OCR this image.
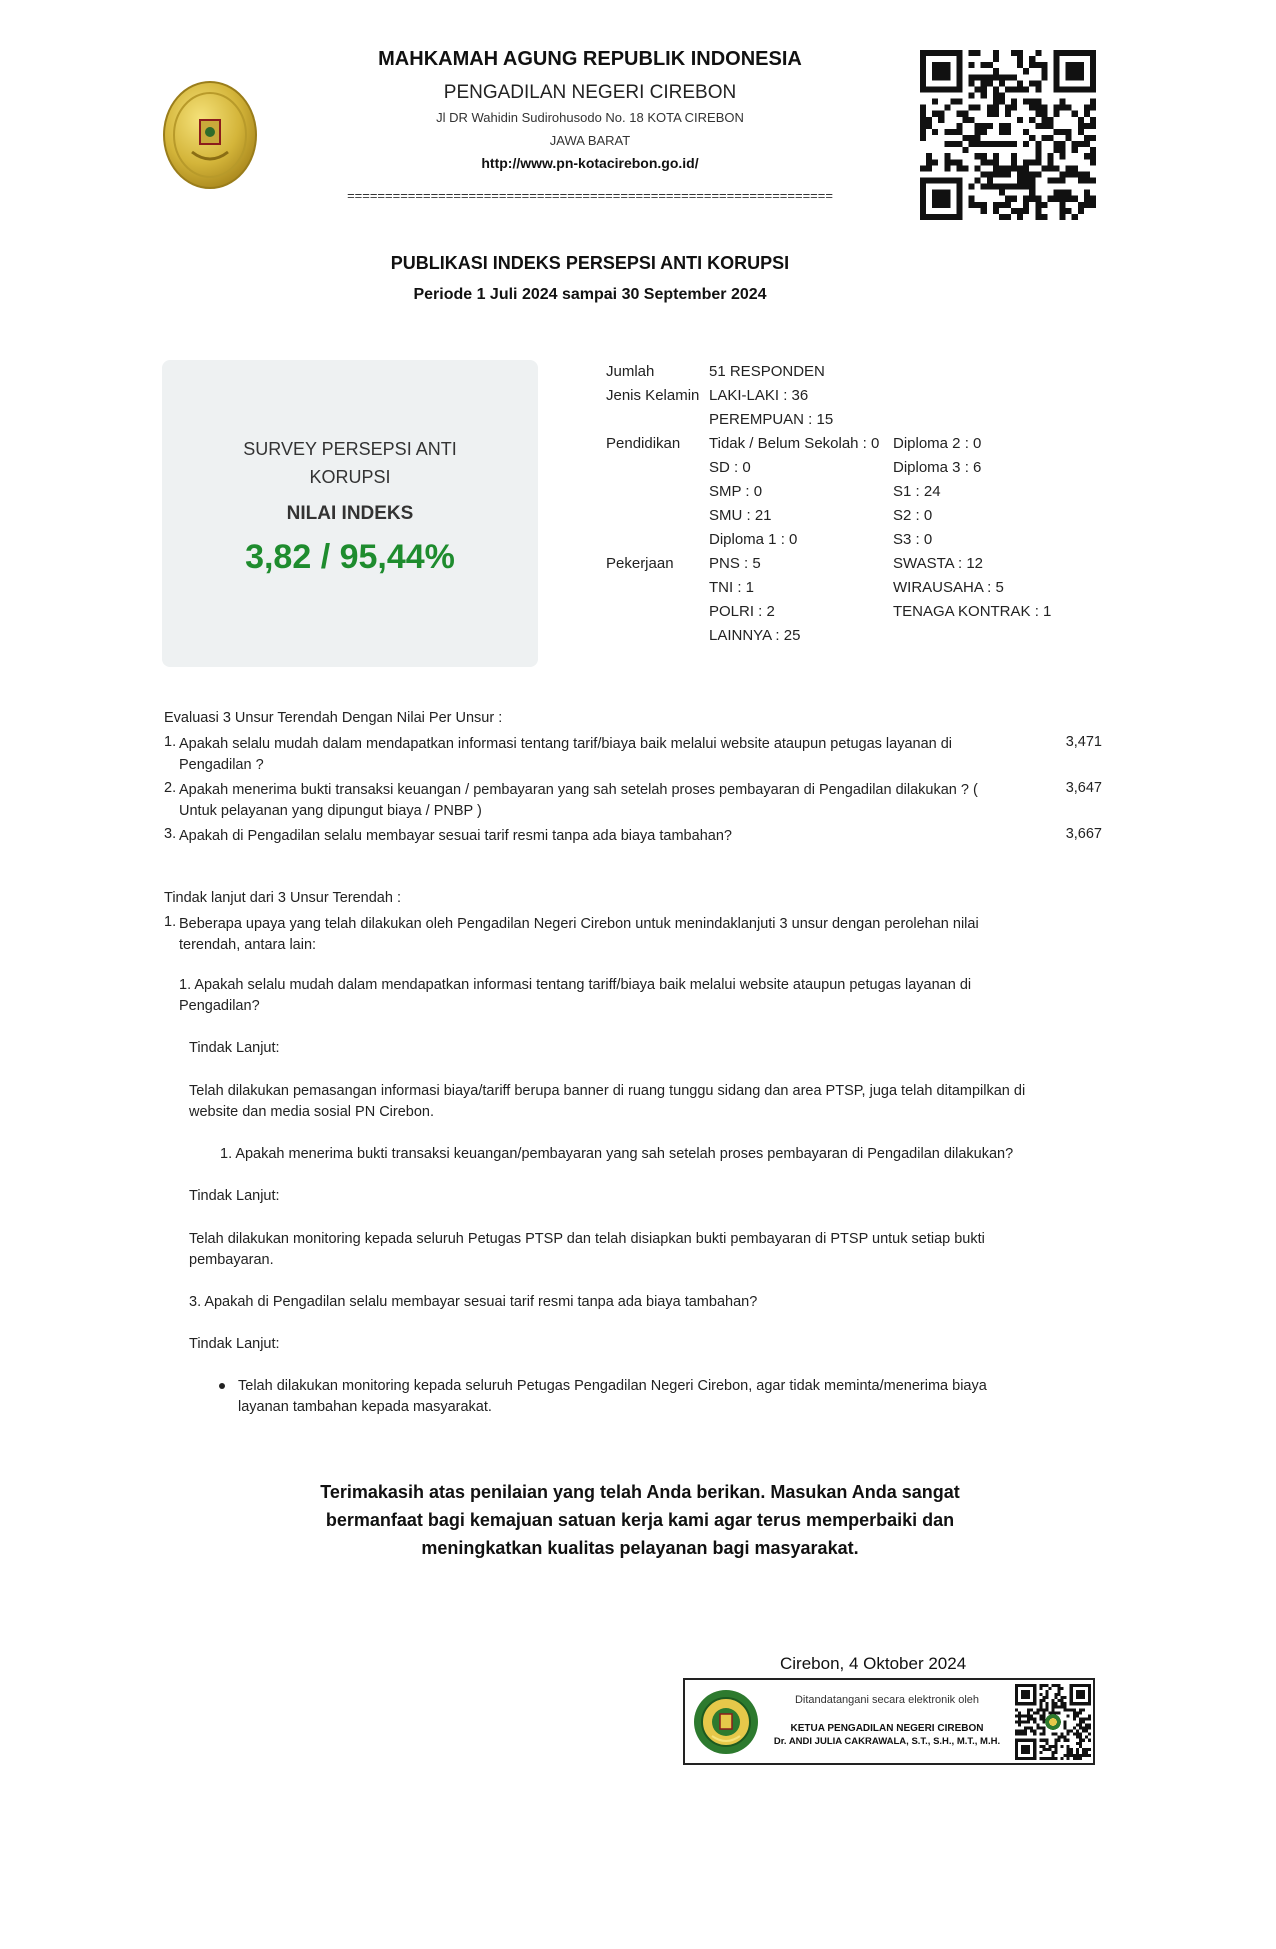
MAHKAMAH AGUNG REPUBLIK INDONESIA
PENGADILAN NEGERI CIREBON
Jl DR Wahidin Sudirohusodo No. 18 KOTA CIREBON
JAWA BARAT
http://www.pn-kotacirebon.go.id/
================================================================
PUBLIKASI INDEKS PERSEPSI ANTI KORUPSI
Periode 1 Juli 2024 sampai 30 September 2024
SURVEY PERSEPSI ANTI
KORUPSI
NILAI INDEKS
3,82 / 95,44%
Jumlah	51 RESPONDEN
Jenis Kelamin LAKI-LAKI : 36
PEREMPUAN : 15
Pendidikan Tidak / Belum Sekolah : 0
SD : 0
SMP : 0
SMU : 21
Diploma 1 : 0
Diploma 2 : 0
Diploma 3 : 6
S1 : 24
S2 : 0
S3 : 0
Pekerjaan PNS : 5
TNI : 1
POLRI : 2
LAINNYA : 25
SWASTA : 12
WIRAUSAHA : 5
TENAGA KONTRAK : 1
Evaluasi 3 Unsur Terendah Dengan Nilai Per Unsur :
1. Apakah selalu mudah dalam mendapatkan informasi tentang tarif/biaya baik melalui website ataupun petugas layanan di
Pengadilan ?
3,471
2. Apakah menerima bukti transaksi keuangan / pembayaran yang sah setelah proses pembayaran di Pengadilan dilakukan ? (
Untuk pelayanan yang dipungut biaya / PNBP )
3,647
3. Apakah di Pengadilan selalu membayar sesuai tarif resmi tanpa ada biaya tambahan?	3,667
Tindak lanjut dari 3 Unsur Terendah :
1. Beberapa upaya yang telah dilakukan oleh Pengadilan Negeri Cirebon untuk menindaklanjuti 3 unsur dengan perolehan nilai
terendah, antara lain:
1. Apakah selalu mudah dalam mendapatkan informasi tentang tariff/biaya baik melalui website ataupun petugas layanan di
Pengadilan?
Tindak Lanjut:
Telah dilakukan pemasangan informasi biaya/tariff berupa banner di ruang tunggu sidang dan area PTSP, juga telah ditampilkan di
website dan media sosial PN Cirebon.
1. Apakah menerima bukti transaksi keuangan/pembayaran yang sah setelah proses pembayaran di Pengadilan dilakukan?
Tindak Lanjut:
Telah dilakukan monitoring kepada seluruh Petugas PTSP dan telah disiapkan bukti pembayaran di PTSP untuk setiap bukti
pembayaran.
3. Apakah di Pengadilan selalu membayar sesuai tarif resmi tanpa ada biaya tambahan?
Tindak Lanjut:
Telah dilakukan monitoring kepada seluruh Petugas Pengadilan Negeri Cirebon, agar tidak meminta/menerima biaya
layanan tambahan kepada masyarakat.
Terimakasih atas penilaian yang telah Anda berikan. Masukan Anda sangat
bermanfaat bagi kemajuan satuan kerja kami agar terus memperbaiki dan
meningkatkan kualitas pelayanan bagi masyarakat.
Cirebon, 4 Oktober 2024
Ditandatangani secara elektronik oleh
KETUA PENGADILAN NEGERI CIREBON
Dr. ANDI JULIA CAKRAWALA, S.T., S.H., M.T., M.H.
